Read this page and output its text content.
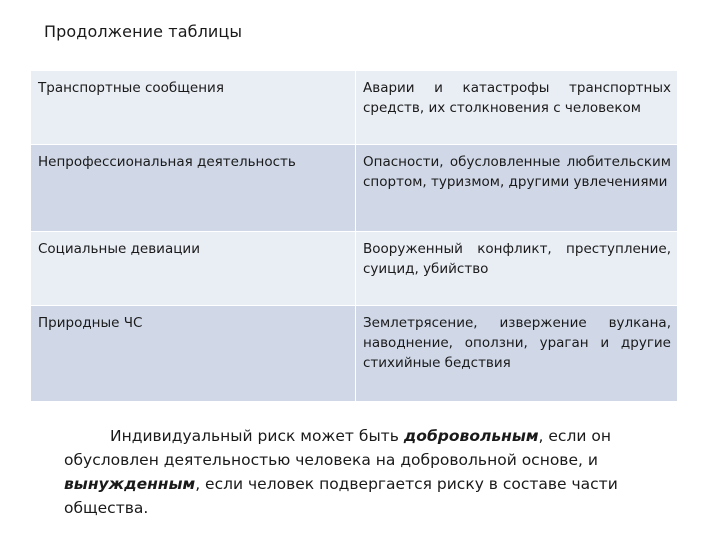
Продолжение таблицы
Транспортные сообщения	Аварии и катастрофы транспортных средств, их столкновения с человеком
Непрофессиональная деятельность	Опасности, обусловленные любительским спортом, туризмом, другими увлечениями
Социальные девиации	Вооруженный конфликт, преступление, суицид, убийство
Природные ЧС	Землетрясение, извержение вулкана, наводнение, оползни, ураган и другие стихийные бедствия
Индивидуальный риск может быть добровольным, если он обусловлен деятельностью человека на добровольной основе, и вынужденным, если человек подвергается риску в составе части общества.
